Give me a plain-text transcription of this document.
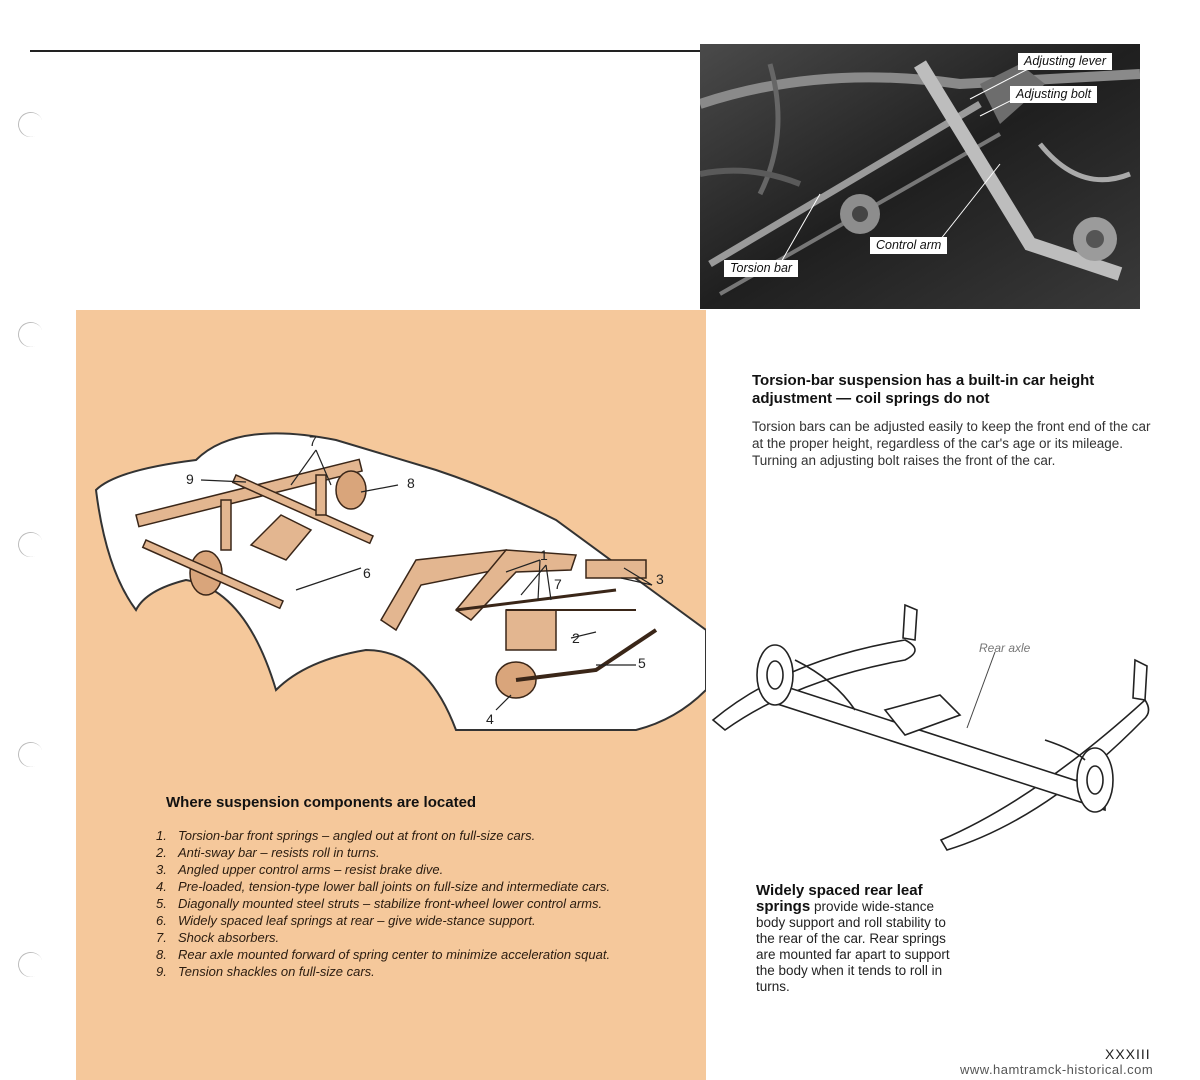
Adjusting lever
Adjusting bolt
Control arm
Torsion bar
1
2
3
4
5
6
7
7
8
9
Where suspension components are located
1. Torsion-bar front springs – angled out at front on full-size cars.
2. Anti-sway bar – resists roll in turns.
3. Angled upper control arms – resist brake dive.
4. Pre-loaded, tension-type lower ball joints on full-size and intermediate cars.
5. Diagonally mounted steel struts – stabilize front-wheel lower control arms.
6. Widely spaced leaf springs at rear – give wide-stance support.
7. Shock absorbers.
8. Rear axle mounted forward of spring center to minimize acceleration squat.
9. Tension shackles on full-size cars.
Torsion-bar suspension has a built-in car height adjustment — coil springs do not
Torsion bars can be adjusted easily to keep the front end of the car at the proper height, regardless of the car's age or its mileage. Turning an adjusting bolt raises the front of the car.
Rear axle
Widely spaced rear leaf springs provide wide-stance body support and roll stability to the rear of the car. Rear springs are mounted far apart to support the body when it tends to roll in turns.
XXXIII
www.hamtramck-historical.com
